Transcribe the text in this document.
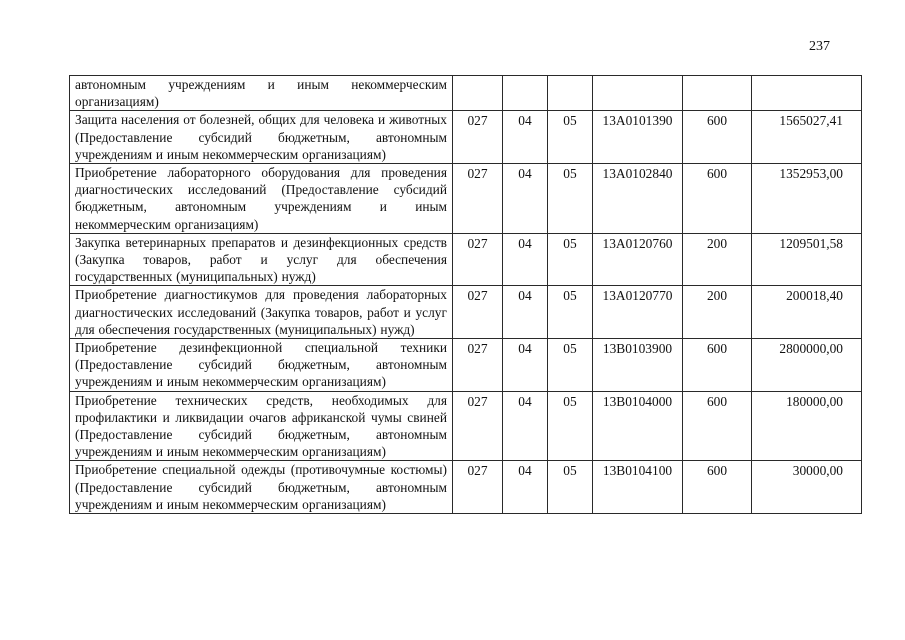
237
автономным учреждениям и иным некоммерческим организациям)						
Защита населения от болезней, общих для человека и животных (Предоставление субсидий бюджетным, автономным учреждениям и иным некоммерческим организациям)	027	04	05	13А0101390	600	1565027,41
Приобретение лабораторного оборудования для проведения диагностических исследований (Предоставление субсидий бюджетным, автономным учреждениям и иным некоммерческим организациям)	027	04	05	13А0102840	600	1352953,00
Закупка ветеринарных препаратов и дезинфекционных средств (Закупка товаров, работ и услуг для обеспечения государственных (муниципальных) нужд)	027	04	05	13А0120760	200	1209501,58
Приобретение диагностикумов для проведения лабораторных диагностических исследований (Закупка товаров, работ и услуг для обеспечения государственных (муниципальных) нужд)	027	04	05	13А0120770	200	200018,40
Приобретение дезинфекционной специальной техники (Предоставление субсидий бюджетным, автономным учреждениям и иным некоммерческим организациям)	027	04	05	13В0103900	600	2800000,00
Приобретение технических средств, необходимых для профилактики и ликвидации очагов африканской чумы свиней (Предоставление субсидий бюджетным, автономным учреждениям и иным некоммерческим организациям)	027	04	05	13В0104000	600	180000,00
Приобретение специальной одежды (противочумные костюмы) (Предоставление субсидий бюджетным, автономным учреждениям и иным некоммерческим организациям)	027	04	05	13В0104100	600	30000,00
